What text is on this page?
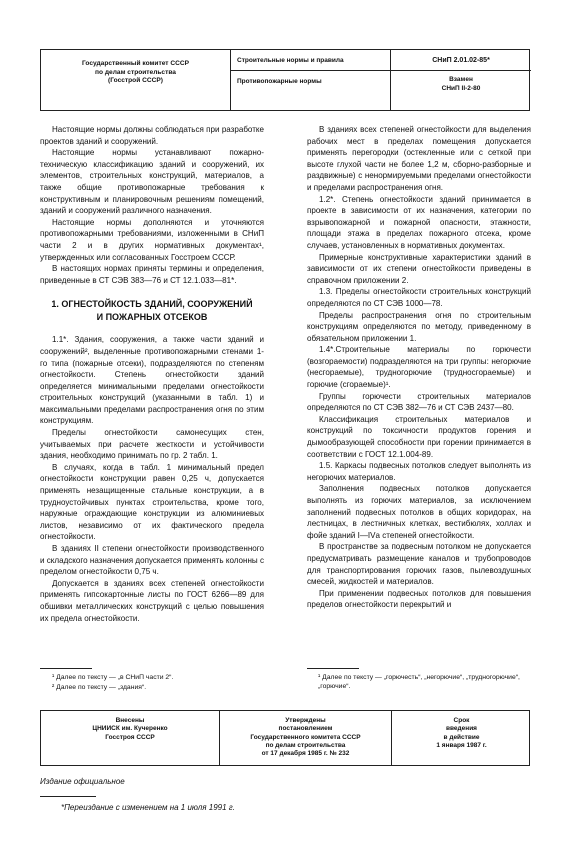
Государственный комитет СССР
по делам строительства
(Госстрой СССР)
Строительные нормы и правила
Противопожарные нормы
СНиП 2.01.02-85*
Взамен
СНиП II-2-80

Настоящие нормы должны соблюдаться при разработке проектов зданий и сооружений.

Настоящие нормы устанавливают пожарно-техническую классификацию зданий и сооружений, их элементов, строительных конструкций, материалов, а также общие противопожарные требования к конструктивным и планировочным решениям помещений, зданий и сооружений различного назначения.

Настоящие нормы дополняются и уточняются противопожарными требованиями, изложенными в СНиП части 2 и в других нормативных документах¹, утвержденных или согласованных Госстроем СССР.

В настоящих нормах приняты термины и определения, приведенные в СТ СЭВ 383—76 и СТ 12.1.033—81*.

1. ОГНЕСТОЙКОСТЬ ЗДАНИЙ, СООРУЖЕНИЙ
И ПОЖАРНЫХ ОТСЕКОВ

1.1*. Здания, сооружения, а также части зданий и сооружений², выделенные противопожарными стенами 1-го типа (пожарные отсеки), подразделяются по степеням огнестойкости. Степень огнестойкости зданий определяется минимальными пределами огнестойкости строительных конструкций (указанными в табл. 1) и максимальными пределами распространения огня по этим конструкциям.

Пределы огнестойкости самонесущих стен, учитываемых при расчете жесткости и устойчивости здания, необходимо принимать по гр. 2 табл. 1.

В случаях, когда в табл. 1 минимальный предел огнестойкости конструкции равен 0,25 ч, допускается применять незащищенные стальные конструкции, а в трудноустойчивых пунктах строительства, кроме того, наружные ограждающие конструкции из алюминиевых листов, независимо от их фактического предела огнестойкости.

В зданиях II степени огнестойкости производственного и складского назначения допускается применять колонны с пределом огнестойкости 0,75 ч.

Допускается в зданиях всех степеней огнестойкости применять гипсокартонные листы по ГОСТ 6266—89 для обшивки металлических конструкций с целью повышения их предела огнестойкости.

В зданиях всех степеней огнестойкости для выделения рабочих мест в пределах помещения допускается применять перегородки (остекленные или с сеткой при высоте глухой части не более 1,2 м, сборно-разборные и раздвижные) с ненормируемыми пределами огнестойкости и пределами распространения огня.

1.2*. Степень огнестойкости зданий принимается в проекте в зависимости от их назначения, категории по взрывопожарной и пожарной опасности, этажности, площади этажа в пределах пожарного отсека, кроме случаев, установленных в нормативных документах.

Примерные конструктивные характеристики зданий в зависимости от их степени огнестойкости приведены в справочном приложении 2.

1.3. Пределы огнестойкости строительных конструкций определяются по СТ СЭВ 1000—78.

Пределы распространения огня по строительным конструкциям определяются по методу, приведенному в обязательном приложении 1.

1.4*.Строительные материалы по горючести (возгораемости) подразделяются на три группы: негорючие (несгораемые), трудногорючие (трудносгораемые) и горючие (сгораемые)¹.

Группы горючести строительных материалов определяются по СТ СЭВ 382—76 и СТ СЭВ 2437—80.

Классификация строительных материалов и конструкций по токсичности продуктов горения и дымообразующей способности при горении принимается в соответствии с ГОСТ 12.1.004-89.

1.5. Каркасы подвесных потолков следует выполнять из негорючих материалов.

Заполнения подвесных потолков допускается выполнять из горючих материалов, за исключением заполнений подвесных потолков в общих коридорах, на лестницах, в лестничных клетках, вестибюлях, холлах и фойе зданий I—IVа степеней огнестойкости.

В пространстве за подвесным потолком не допускается предусматривать размещение каналов и трубопроводов для транспортирования горючих газов, пылевоздушных смесей, жидкостей и материалов.

При применении подвесных потолков для повышения пределов огнестойкости перекрытий и

¹ Далее по тексту — „в СНиП части 2“.
² Далее по тексту — „здания“.
¹ Далее по тексту — „горючесть“, „негорючие“, „трудногорючие“, „горючие“.
Внесены
ЦНИИСК им. Кучеренко
Госстроя СССР
Утверждены
постановлением
Государственного комитета СССР
по делам строительства
от 17 декабря 1985 г. № 232
Срок
введения
в действие
1 января 1987 г.
Издание официальное
*Переиздание с изменением на 1 июля 1991 г.
